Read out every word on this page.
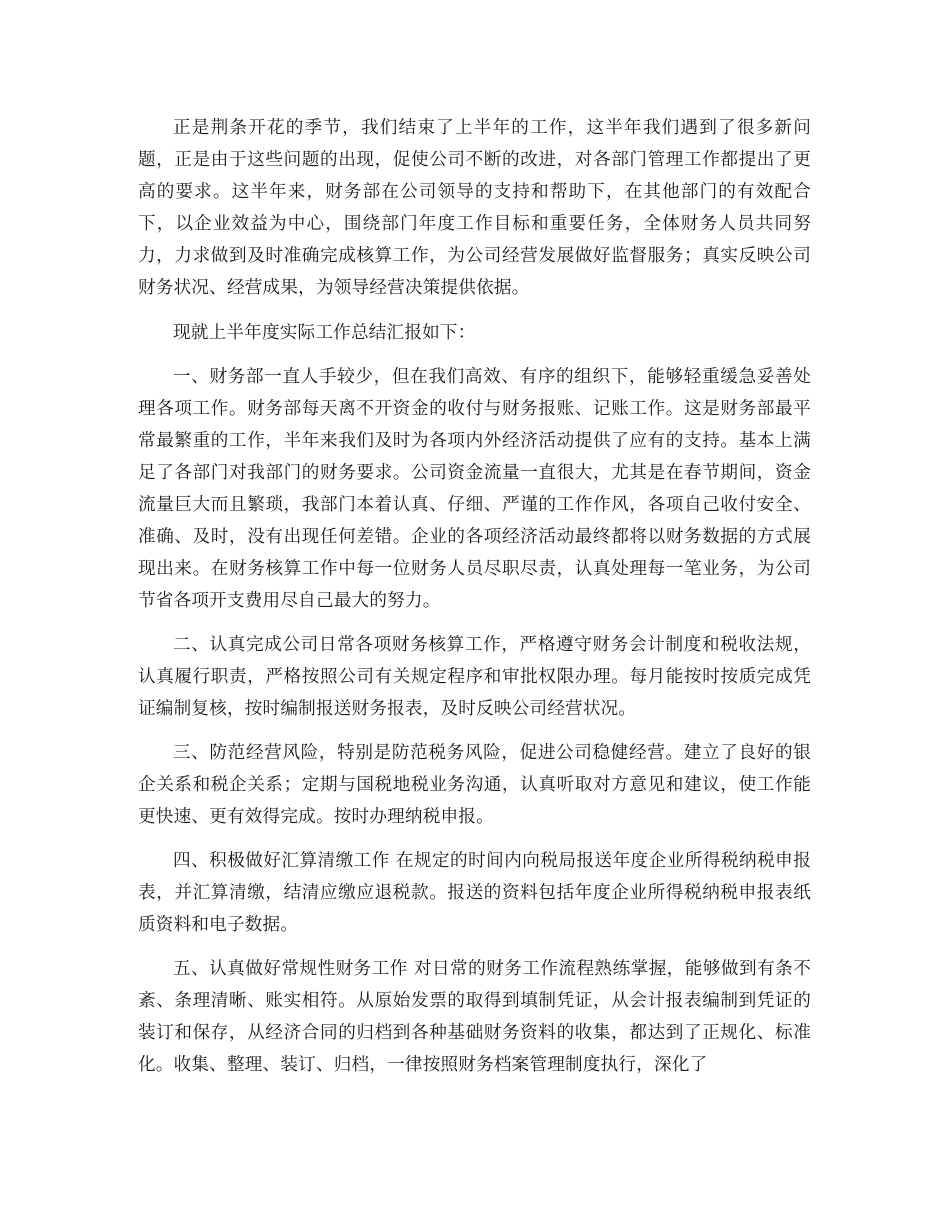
正是荆条开花的季节，我们结束了上半年的工作，这半年我们遇到了很多新问题，正是由于这些问题的出现，促使公司不断的改进，对各部门管理工作都提出了更高的要求。这半年来，财务部在公司领导的支持和帮助下，在其他部门的有效配合下，以企业效益为中心，围绕部门年度工作目标和重要任务，全体财务人员共同努力，力求做到及时准确完成核算工作，为公司经营发展做好监督服务；真实反映公司财务状况、经营成果，为领导经营决策提供依据。

现就上半年度实际工作总结汇报如下：

一、财务部一直人手较少，但在我们高效、有序的组织下，能够轻重缓急妥善处理各项工作。财务部每天离不开资金的收付与财务报账、记账工作。这是财务部最平常最繁重的工作，半年来我们及时为各项内外经济活动提供了应有的支持。基本上满足了各部门对我部门的财务要求。公司资金流量一直很大，尤其是在春节期间，资金流量巨大而且繁琐，我部门本着认真、仔细、严谨的工作作风，各项自己收付安全、准确、及时，没有出现任何差错。企业的各项经济活动最终都将以财务数据的方式展现出来。在财务核算工作中每一位财务人员尽职尽责，认真处理每一笔业务，为公司节省各项开支费用尽自己最大的努力。

二、认真完成公司日常各项财务核算工作，严格遵守财务会计制度和税收法规，认真履行职责，严格按照公司有关规定程序和审批权限办理。每月能按时按质完成凭证编制复核，按时编制报送财务报表，及时反映公司经营状况。

三、防范经营风险，特别是防范税务风险，促进公司稳健经营。建立了良好的银企关系和税企关系；定期与国税地税业务沟通，认真听取对方意见和建议，使工作能更快速、更有效得完成。按时办理纳税申报。

四、积极做好汇算清缴工作 在规定的时间内向税局报送年度企业所得税纳税申报表，并汇算清缴，结清应缴应退税款。报送的资料包括年度企业所得税纳税申报表纸质资料和电子数据。

五、认真做好常规性财务工作 对日常的财务工作流程熟练掌握，能够做到有条不紊、条理清晰、账实相符。从原始发票的取得到填制凭证，从会计报表编制到凭证的装订和保存，从经济合同的归档到各种基础财务资料的收集，都达到了正规化、标准化。收集、整理、装订、归档，一律按照财务档案管理制度执行，深化了
